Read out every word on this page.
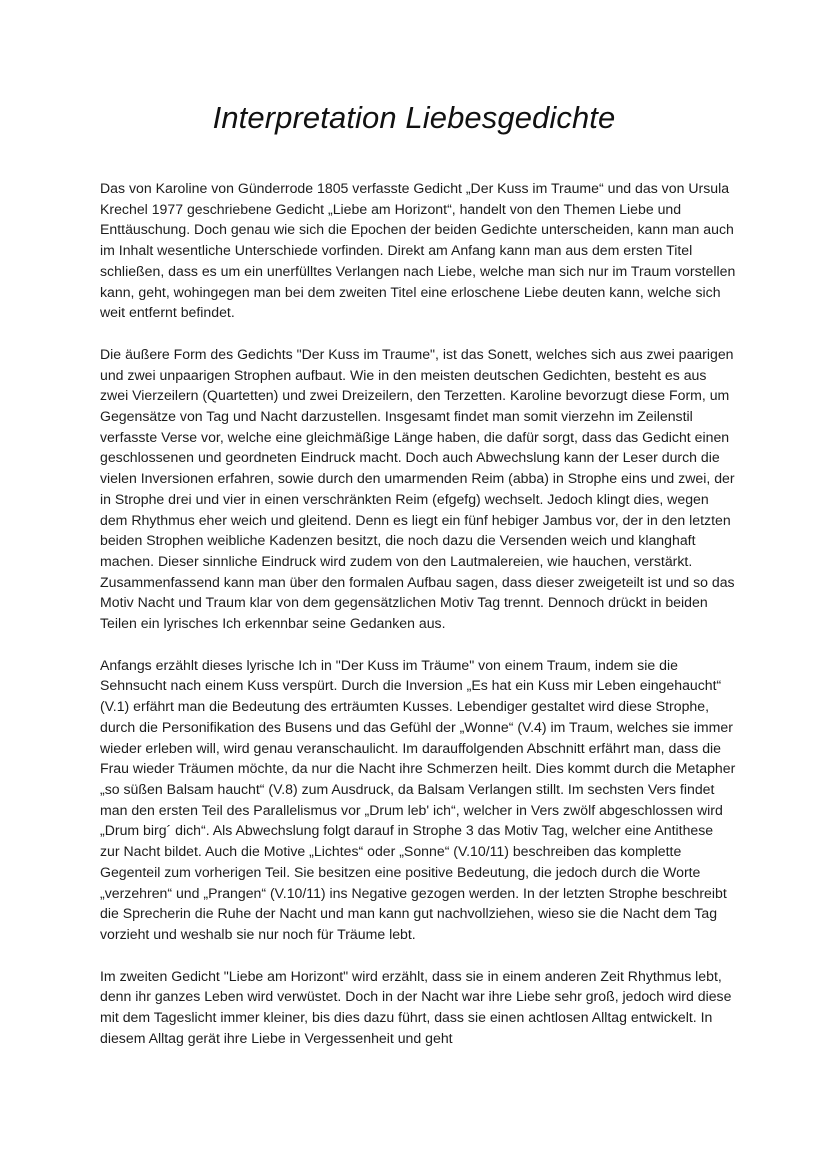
Interpretation Liebesgedichte

Das von Karoline von Günderrode 1805 verfasste Gedicht „Der Kuss im Traume“ und das von Ursula Krechel 1977 geschriebene Gedicht „Liebe am Horizont“, handelt von den Themen Liebe und Enttäuschung. Doch genau wie sich die Epochen der beiden Gedichte unterscheiden, kann man auch im Inhalt wesentliche Unterschiede vorfinden. Direkt am Anfang kann man aus dem ersten Titel schließen, dass es um ein unerfülltes Verlangen nach Liebe, welche man sich nur im Traum vorstellen kann, geht, wohingegen man bei dem zweiten Titel eine erloschene Liebe deuten kann, welche sich weit entfernt befindet.

Die äußere Form des Gedichts "Der Kuss im Traume", ist das Sonett, welches sich aus zwei paarigen und zwei unpaarigen Strophen aufbaut. Wie in den meisten deutschen Gedichten, besteht es aus zwei Vierzeilern (Quartetten) und zwei Dreizeilern, den Terzetten. Karoline bevorzugt diese Form, um Gegensätze von Tag und Nacht darzustellen. Insgesamt findet man somit vierzehn im Zeilenstil verfasste Verse vor, welche eine gleichmäßige Länge haben, die dafür sorgt, dass das Gedicht einen geschlossenen und geordneten Eindruck macht. Doch auch Abwechslung kann der Leser durch die vielen Inversionen erfahren, sowie durch den umarmenden Reim (abba) in Strophe eins und zwei, der in Strophe drei und vier in einen verschränkten Reim (efgefg) wechselt. Jedoch klingt dies, wegen dem Rhythmus eher weich und gleitend. Denn es liegt ein fünf hebiger Jambus vor, der in den letzten beiden Strophen weibliche Kadenzen besitzt, die noch dazu die Versenden weich und klanghaft machen. Dieser sinnliche Eindruck wird zudem von den Lautmalereien, wie hauchen, verstärkt. Zusammenfassend kann man über den formalen Aufbau sagen, dass dieser zweigeteilt ist und so das Motiv Nacht und Traum klar von dem gegensätzlichen Motiv Tag trennt. Dennoch drückt in beiden Teilen ein lyrisches Ich erkennbar seine Gedanken aus.

Anfangs erzählt dieses lyrische Ich in "Der Kuss im Träume" von einem Traum, indem sie die Sehnsucht nach einem Kuss verspürt. Durch die Inversion „Es hat ein Kuss mir Leben eingehaucht“ (V.1) erfährt man die Bedeutung des erträumten Kusses. Lebendiger gestaltet wird diese Strophe, durch die Personifikation des Busens und das Gefühl der „Wonne“ (V.4) im Traum, welches sie immer wieder erleben will, wird genau veranschaulicht. Im darauffolgenden Abschnitt erfährt man, dass die Frau wieder Träumen möchte, da nur die Nacht ihre Schmerzen heilt. Dies kommt durch die Metapher „so süßen Balsam haucht“ (V.8) zum Ausdruck, da Balsam Verlangen stillt. Im sechsten Vers findet man den ersten Teil des Parallelismus vor „Drum leb' ich“, welcher in Vers zwölf abgeschlossen wird „Drum birg´ dich“. Als Abwechslung folgt darauf in Strophe 3 das Motiv Tag, welcher eine Antithese zur Nacht bildet. Auch die Motive „Lichtes“ oder „Sonne“ (V.10/11) beschreiben das komplette Gegenteil zum vorherigen Teil. Sie besitzen eine positive Bedeutung, die jedoch durch die Worte „verzehren“ und „Prangen“ (V.10/11) ins Negative gezogen werden. In der letzten Strophe beschreibt die Sprecherin die Ruhe der Nacht und man kann gut nachvollziehen, wieso sie die Nacht dem Tag vorzieht und weshalb sie nur noch für Träume lebt.

Im zweiten Gedicht "Liebe am Horizont" wird erzählt, dass sie in einem anderen Zeit Rhythmus lebt, denn ihr ganzes Leben wird verwüstet. Doch in der Nacht war ihre Liebe sehr groß, jedoch wird diese mit dem Tageslicht immer kleiner, bis dies dazu führt, dass sie einen achtlosen Alltag entwickelt. In diesem Alltag gerät ihre Liebe in Vergessenheit und geht
